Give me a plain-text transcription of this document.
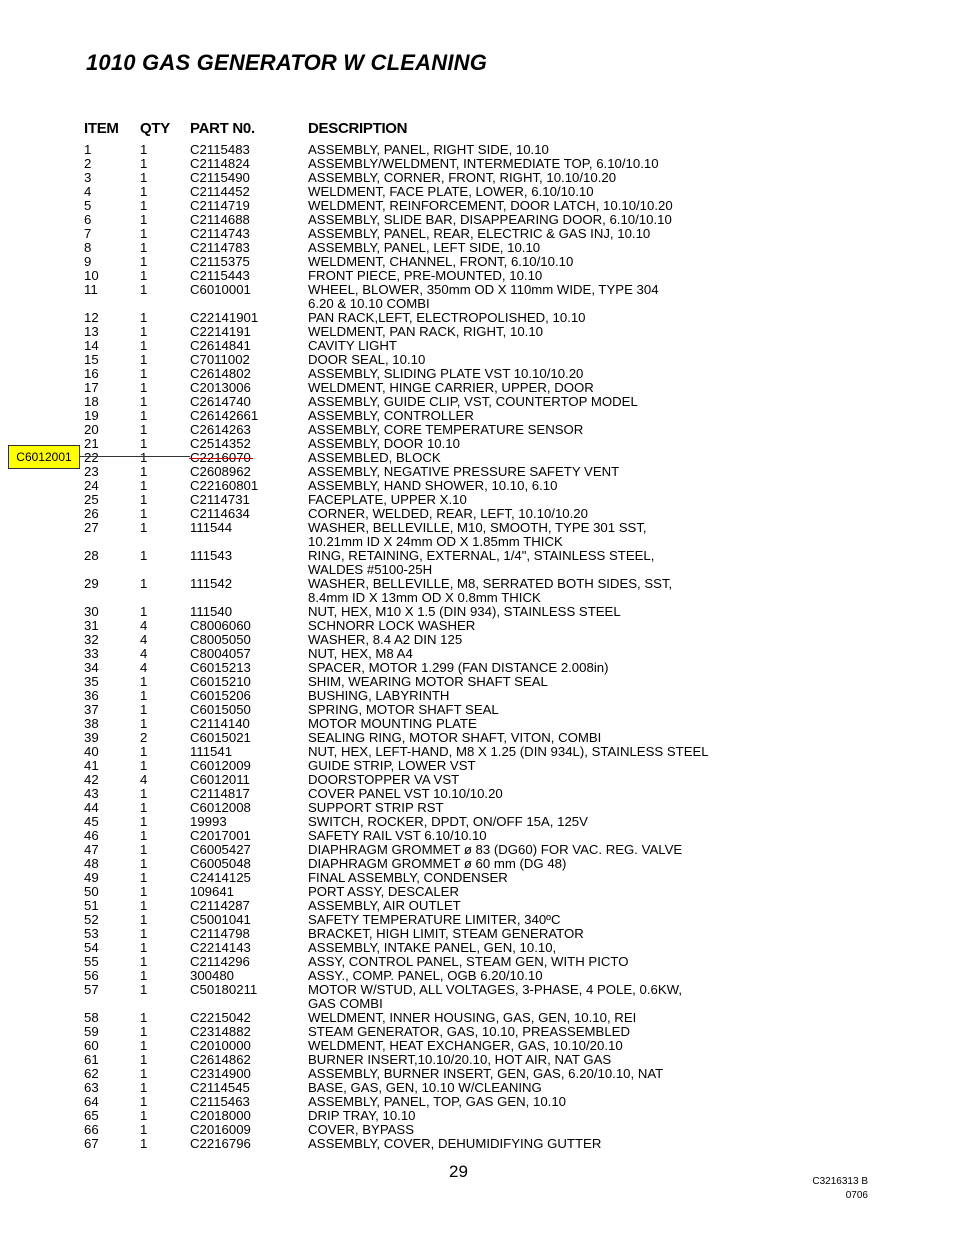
1010 GAS GENERATOR W CLEANING
ITEM QTY PART N0.	DESCRIPTION
1	1	C2115483	ASSEMBLY, PANEL, RIGHT SIDE, 10.10
2	1	C2114824	ASSEMBLY/WELDMENT, INTERMEDIATE TOP, 6.10/10.10
3	1	C2115490	ASSEMBLY, CORNER, FRONT, RIGHT, 10.10/10.20
4	1	C2114452	WELDMENT, FACE PLATE, LOWER, 6.10/10.10
5	1	C2114719	WELDMENT, REINFORCEMENT, DOOR LATCH, 10.10/10.20
6	1	C2114688	ASSEMBLY, SLIDE BAR, DISAPPEARING DOOR, 6.10/10.10
7	1	C2114743	ASSEMBLY, PANEL, REAR, ELECTRIC & GAS INJ, 10.10
8	1	C2114783	ASSEMBLY, PANEL, LEFT SIDE, 10.10
9	1	C2115375	WELDMENT, CHANNEL, FRONT, 6.10/10.10
10	1	C2115443	FRONT PIECE, PRE-MOUNTED, 10.10
11	1	C6010001	WHEEL, BLOWER, 350mm OD X 110mm WIDE, TYPE 304
6.20 & 10.10 COMBI
12	1	C22141901	PAN RACK,LEFT, ELECTROPOLISHED, 10.10
13	1	C2214191	WELDMENT, PAN RACK, RIGHT, 10.10
14	1	C2614841	CAVITY LIGHT
15	1	C7011002	DOOR SEAL, 10.10
16	1	C2614802	ASSEMBLY, SLIDING PLATE VST 10.10/10.20
17	1	C2013006	WELDMENT, HINGE CARRIER, UPPER, DOOR
18	1	C2614740	ASSEMBLY, GUIDE CLIP, VST, COUNTERTOP MODEL
19	1	C26142661	ASSEMBLY, CONTROLLER
20	1	C2614263	ASSEMBLY, CORE TEMPERATURE SENSOR
21	1	C2514352	ASSEMBLY, DOOR 10.10
22	1	C2216070	ASSEMBLED, BLOCK
23	1	C2608962	ASSEMBLY, NEGATIVE PRESSURE SAFETY VENT
24	1	C22160801	ASSEMBLY, HAND SHOWER, 10.10, 6.10
25	1	C2114731	FACEPLATE, UPPER X.10
26	1	C2114634	CORNER, WELDED, REAR, LEFT, 10.10/10.20
27	1	111544	WASHER, BELLEVILLE, M10, SMOOTH, TYPE 301 SST,
10.21mm ID X 24mm OD X 1.85mm THICK
28	1	111543	RING, RETAINING, EXTERNAL, 1/4", STAINLESS STEEL,
WALDES #5100-25H
29	1	111542	WASHER, BELLEVILLE, M8, SERRATED BOTH SIDES, SST,
8.4mm ID X 13mm OD X 0.8mm THICK
30	1	111540	NUT, HEX, M10 X 1.5 (DIN 934), STAINLESS STEEL
31	4	C8006060	SCHNORR LOCK WASHER
32	4	C8005050	WASHER, 8.4 A2 DIN 125
33	4	C8004057	NUT, HEX, M8 A4
34	4	C6015213	SPACER, MOTOR 1.299 (FAN DISTANCE 2.008in)
35	1	C6015210	SHIM, WEARING MOTOR SHAFT SEAL
36	1	C6015206	BUSHING, LABYRINTH
37	1	C6015050	SPRING, MOTOR SHAFT SEAL
38	1	C2114140	MOTOR MOUNTING PLATE
39	2	C6015021	SEALING RING, MOTOR SHAFT, VITON, COMBI
40	1	111541	NUT, HEX, LEFT-HAND, M8 X 1.25 (DIN 934L), STAINLESS STEEL
41	1	C6012009	GUIDE STRIP, LOWER VST
42	4	C6012011	DOORSTOPPER VA VST
43	1	C2114817	COVER PANEL VST 10.10/10.20
44	1	C6012008	SUPPORT STRIP RST
45	1	19993	SWITCH, ROCKER, DPDT, ON/OFF 15A, 125V
46	1	C2017001	SAFETY RAIL VST 6.10/10.10
47	1	C6005427	DIAPHRAGM GROMMET ø 83 (DG60) FOR VAC. REG. VALVE
48	1	C6005048	DIAPHRAGM GROMMET ø 60 mm (DG 48)
49	1	C2414125	FINAL ASSEMBLY, CONDENSER
50	1	109641	PORT ASSY, DESCALER
51	1	C2114287	ASSEMBLY, AIR OUTLET
52	1	C5001041	SAFETY TEMPERATURE LIMITER, 340ºC
53	1	C2114798	BRACKET, HIGH LIMIT, STEAM GENERATOR
54	1	C2214143	ASSEMBLY, INTAKE PANEL, GEN, 10.10,
55	1	C2114296	ASSY, CONTROL PANEL, STEAM GEN, WITH PICTO
56	1	300480	ASSY., COMP. PANEL, OGB 6.20/10.10
57	1	C50180211	MOTOR W/STUD, ALL VOLTAGES, 3-PHASE, 4 POLE, 0.6KW,
GAS COMBI
58	1	C2215042	WELDMENT, INNER HOUSING, GAS, GEN, 10.10, REI
59	1	C2314882	STEAM GENERATOR, GAS, 10.10, PREASSEMBLED
60	1	C2010000	WELDMENT, HEAT EXCHANGER, GAS, 10.10/20.10
61	1	C2614862	BURNER INSERT,10.10/20.10, HOT AIR, NAT GAS
62	1	C2314900	ASSEMBLY, BURNER INSERT, GEN, GAS, 6.20/10.10, NAT
63	1	C2114545	BASE, GAS, GEN, 10.10 W/CLEANING
64	1	C2115463	ASSEMBLY, PANEL, TOP, GAS GEN, 10.10
65	1	C2018000	DRIP TRAY, 10.10
66	1	C2016009	COVER, BYPASS
67	1	C2216796	ASSEMBLY, COVER, DEHUMIDIFYING GUTTER
C6012001
29
C3216313 B
0706
